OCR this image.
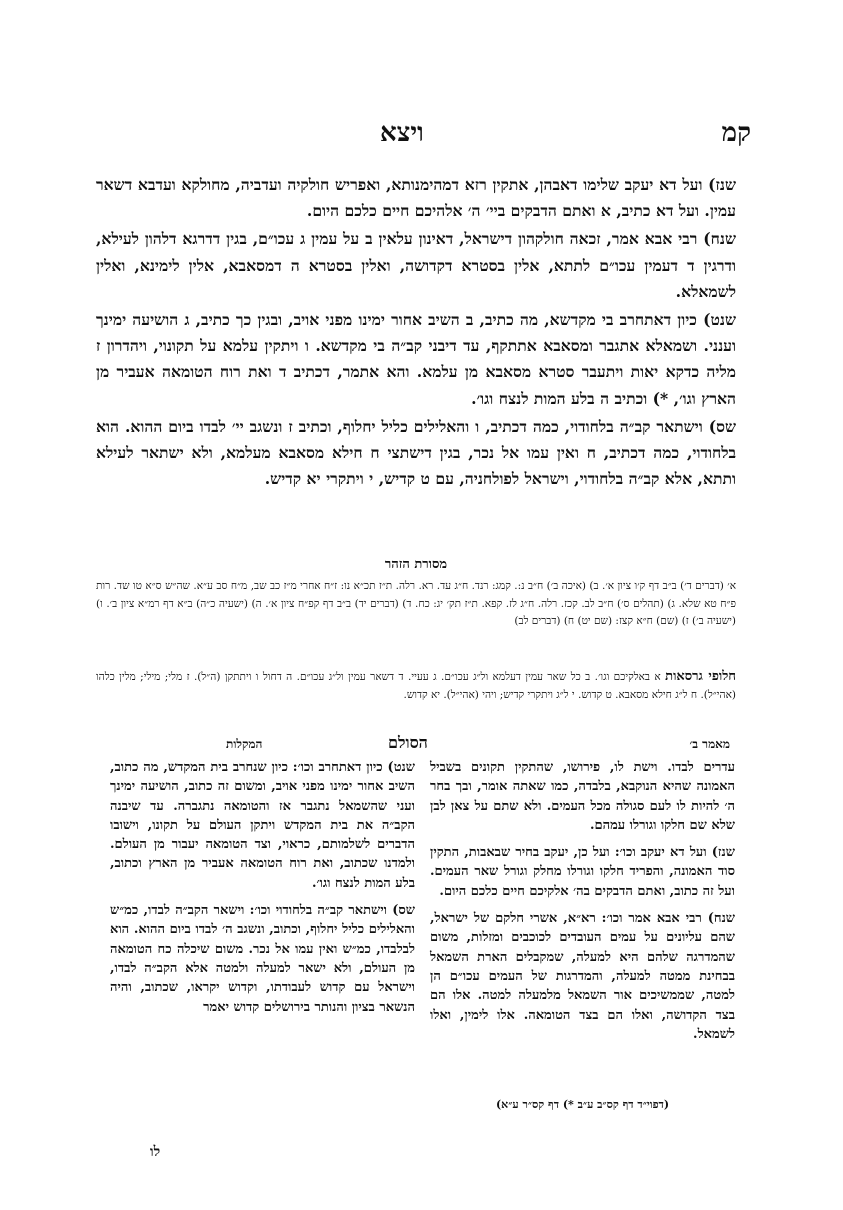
קמ
ויצא

שנז) ועל דא יעקב שלימו דאבהן, אתקין רזא דמהימנותא, ואפריש חולקיה ועדביה, מחולקא ועדבא דשאר עמין. ועל דא כתיב, א ואתם הדבקים ביי׳ ה׳ אלהיכם חיים כלכם היום.

שנח) רבי אבא אמר, זכאה חולקהון דישראל, דאינון עלאין ב על עמין ג עכו״ם, בגין דדרגא דלהון לעילא, ודרגין ד דעמין עכו״ם לתתא, אלין בסטרא דקדושה, ואלין בסטרא ה דמסאבא, אלין לימינא, ואלין לשמאלא.

שנט) כיון דאתחרב בי מקדשא, מה כתיב, ב השיב אחור ימינו מפני אויב, ובגין כך כתיב, ג הושיעה ימינך וענני. ושמאלא אתגבר ומסאבא אתתקף, עד דיבני קב״ה בי מקדשא. ו ויתקין עלמא על תקונוי, ויהדרון ז מליה כדקא יאות ויתעבר סטרא מסאבא מן עלמא. והא אתמר, דכתיב ד ואת רוח הטומאה אעביר מן הארץ וגו׳, *) וכתיב ה בלע המות לנצח וגו׳.

שס) וישתאר קב״ה בלחודוי, כמה דכתיב, ו והאלילים כליל יחלוף, וכתיב ז ונשגב יי׳ לבדו ביום ההוא. הוא בלחודוי, כמה דכתיב, ח ואין עמו אל נכר, בגין דישתצי ח חילא מסאבא מעלמא, ולא ישתאר לעילא ותתא, אלא קב״ה בלחודוי, וישראל לפולחניה, עם ט קדיש, י ויתקרי יא קדיש.

מסורת הזהר
א׳ (דברים ד׳) ב״ב דף ק׳ו ציון א׳. ב) (איכה ב׳) ח״ב נ:. קמג: רנד. ח״ג עד. רא. רלה. ת״ז תכ״א נו: ז״ח אחרי מ״ז כב שב, מ״ח סב ע״א. שה״ש ס״א טו שד. רות פ״ח טא שלא. ג) (תהלים ס׳) ח״ב לב. קכז. רלה. ח״ג לז. קפא. ת״ז תק׳ יג: כח. ד) (דברים יד) ב״ב דף קפ״ח ציון א׳. ה) (ישעיה כ״ה) ב״א דף רמ״א ציון ב׳. ו) (ישעיה ב׳) ז) (שם) ח״א קצז: (שם יט) ח) (דברים לב)
חלופי גרסאות א באלקיכם וגו׳. ב כל שאר עמין דעלמא ול״ג עכו״ם. ג עעיי. ד דשאר עמין ול״ג עכו״ם. ה דחול ו ויתתקן (ה״ל). ז מלי; מילי; מלין כלהו (אהי״ל). ח ל״ג חילא מסאבא. ט קדוש. י ל״ג ויתקרי קדיש; ויהי (אהי״ל). יא קדוש.
מאמר ב׳
הסולם
המקלות

עדרים לבדו. וישת לו, פירושו, שהתקין תקונים בשביל האמונה שהיא הנוקבא, בלבדה, כמו שאתה אומר, ובך בחר ה׳ להיות לו לעם סגולה מכל העמים. ולא שתם על צאן לבן שלא שם חלקו וגורלו עמהם.

שנז) ועל דא יעקב וכו׳: ועל כן, יעקב בחיר שבאבות, התקין סוד האמונה, והפריד חלקו וגורלו מחלק וגורל שאר העמים. ועל זה כתוב, ואתם הדבקים בה׳ אלקיכם חיים כלכם היום.

שנח) רבי אבא אמר וכו׳: רא״א, אשרי חלקם של ישראל, שהם עליונים על עמים העובדים לכוכבים ומזלות, משום שהמדרגה שלהם היא למעלה, שמקבלים הארת השמאל בבחינת ממטה למעלה, והמדרגות של העמים עכו״ם הן למטה, שממשיכים אור השמאל מלמעלה למטה. אלו הם בצד הקדושה, ואלו הם בצד הטומאה. אלו לימין, ואלו לשמאל.

שנט) כיון דאתחרב וכו׳: כיון שנחרב בית המקדש, מה כתוב, השיב אחור ימינו מפני אויב, ומשום זה כתוב, הושיעה ימינך ועני שהשמאל נתגבר אז והטומאה נתגברה. עד שיבנה הקב״ה את בית המקדש ויתקן העולם על תקונו, וישובו הדברים לשלמותם, כראוי, וצד הטומאה יעבור מן העולם. ולמדנו שכתוב, ואת רוח הטומאה אעביר מן הארץ וכתוב, בלע המות לנצח וגו׳.

שס) וישתאר קב״ה בלחודוי וכו׳: וישאר הקב״ה לבדו, כמ״ש והאלילים כליל יחלוף, וכתוב, ונשגב ה׳ לבדו ביום ההוא. הוא לבלבדו, כמ״ש ואין עמו אל נכר. משום שיכלה כח הטומאה מן העולם, ולא ישאר למעלה ולמטה אלא הקב״ה לבדו, וישראל עם קדוש לעבודתו, וקדוש יקראו, שכתוב, והיה הנשאר בציון והנותר בירושלים קדוש יאמר

(דפוי״ד דף קס״ב ע״ב *) דף קס״ר ע״א)
לו
